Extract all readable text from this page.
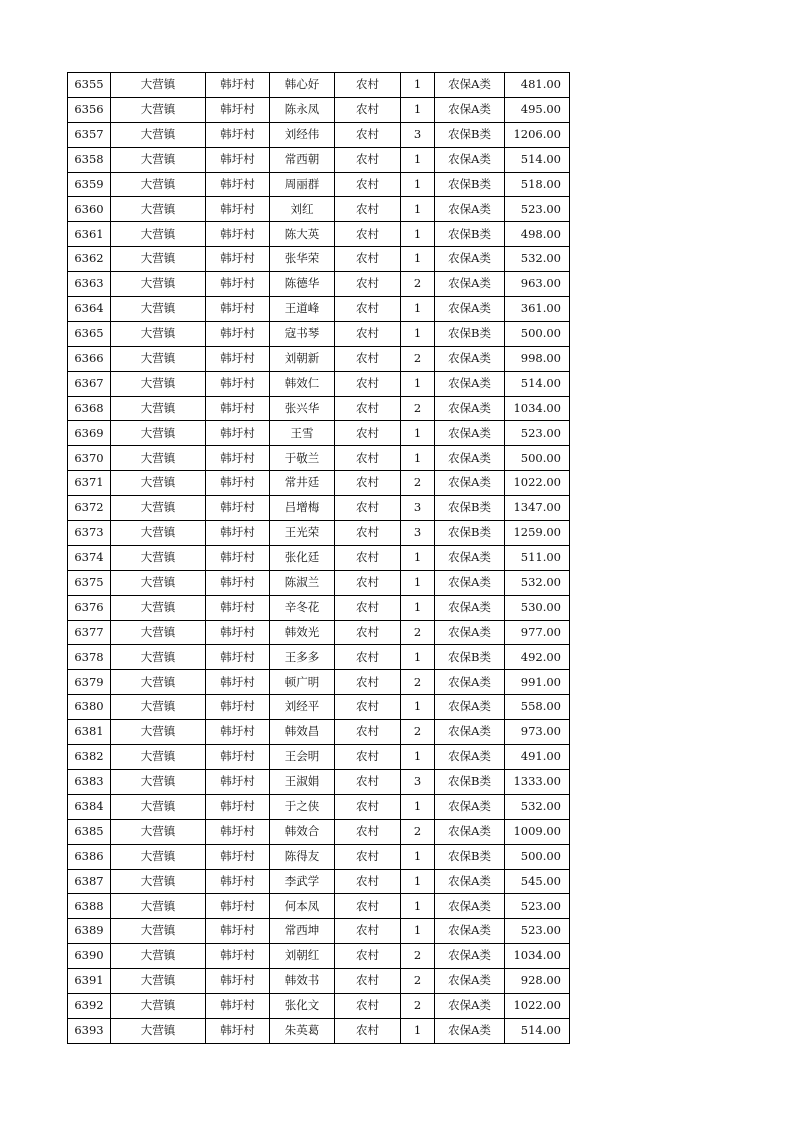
6355	大营镇	韩圩村	韩心好	农村	1	农保A类	481.00
6356	大营镇	韩圩村	陈永凤	农村	1	农保A类	495.00
6357	大营镇	韩圩村	刘经伟	农村	3	农保B类	1206.00
6358	大营镇	韩圩村	常西朝	农村	1	农保A类	514.00
6359	大营镇	韩圩村	周丽群	农村	1	农保B类	518.00
6360	大营镇	韩圩村	刘红	农村	1	农保A类	523.00
6361	大营镇	韩圩村	陈大英	农村	1	农保B类	498.00
6362	大营镇	韩圩村	张华荣	农村	1	农保A类	532.00
6363	大营镇	韩圩村	陈德华	农村	2	农保A类	963.00
6364	大营镇	韩圩村	王道峰	农村	1	农保A类	361.00
6365	大营镇	韩圩村	寇书琴	农村	1	农保B类	500.00
6366	大营镇	韩圩村	刘朝新	农村	2	农保A类	998.00
6367	大营镇	韩圩村	韩效仁	农村	1	农保A类	514.00
6368	大营镇	韩圩村	张兴华	农村	2	农保A类	1034.00
6369	大营镇	韩圩村	王雪	农村	1	农保A类	523.00
6370	大营镇	韩圩村	于敬兰	农村	1	农保A类	500.00
6371	大营镇	韩圩村	常井廷	农村	2	农保A类	1022.00
6372	大营镇	韩圩村	吕增梅	农村	3	农保B类	1347.00
6373	大营镇	韩圩村	王光荣	农村	3	农保B类	1259.00
6374	大营镇	韩圩村	张化廷	农村	1	农保A类	511.00
6375	大营镇	韩圩村	陈淑兰	农村	1	农保A类	532.00
6376	大营镇	韩圩村	辛冬花	农村	1	农保A类	530.00
6377	大营镇	韩圩村	韩效光	农村	2	农保A类	977.00
6378	大营镇	韩圩村	王多多	农村	1	农保B类	492.00
6379	大营镇	韩圩村	顿广明	农村	2	农保A类	991.00
6380	大营镇	韩圩村	刘经平	农村	1	农保A类	558.00
6381	大营镇	韩圩村	韩效昌	农村	2	农保A类	973.00
6382	大营镇	韩圩村	王会明	农村	1	农保A类	491.00
6383	大营镇	韩圩村	王淑娟	农村	3	农保B类	1333.00
6384	大营镇	韩圩村	于之侠	农村	1	农保A类	532.00
6385	大营镇	韩圩村	韩效合	农村	2	农保A类	1009.00
6386	大营镇	韩圩村	陈得友	农村	1	农保B类	500.00
6387	大营镇	韩圩村	李武学	农村	1	农保A类	545.00
6388	大营镇	韩圩村	何本凤	农村	1	农保A类	523.00
6389	大营镇	韩圩村	常西坤	农村	1	农保A类	523.00
6390	大营镇	韩圩村	刘朝红	农村	2	农保A类	1034.00
6391	大营镇	韩圩村	韩效书	农村	2	农保A类	928.00
6392	大营镇	韩圩村	张化文	农村	2	农保A类	1022.00
6393	大营镇	韩圩村	朱英葛	农村	1	农保A类	514.00
